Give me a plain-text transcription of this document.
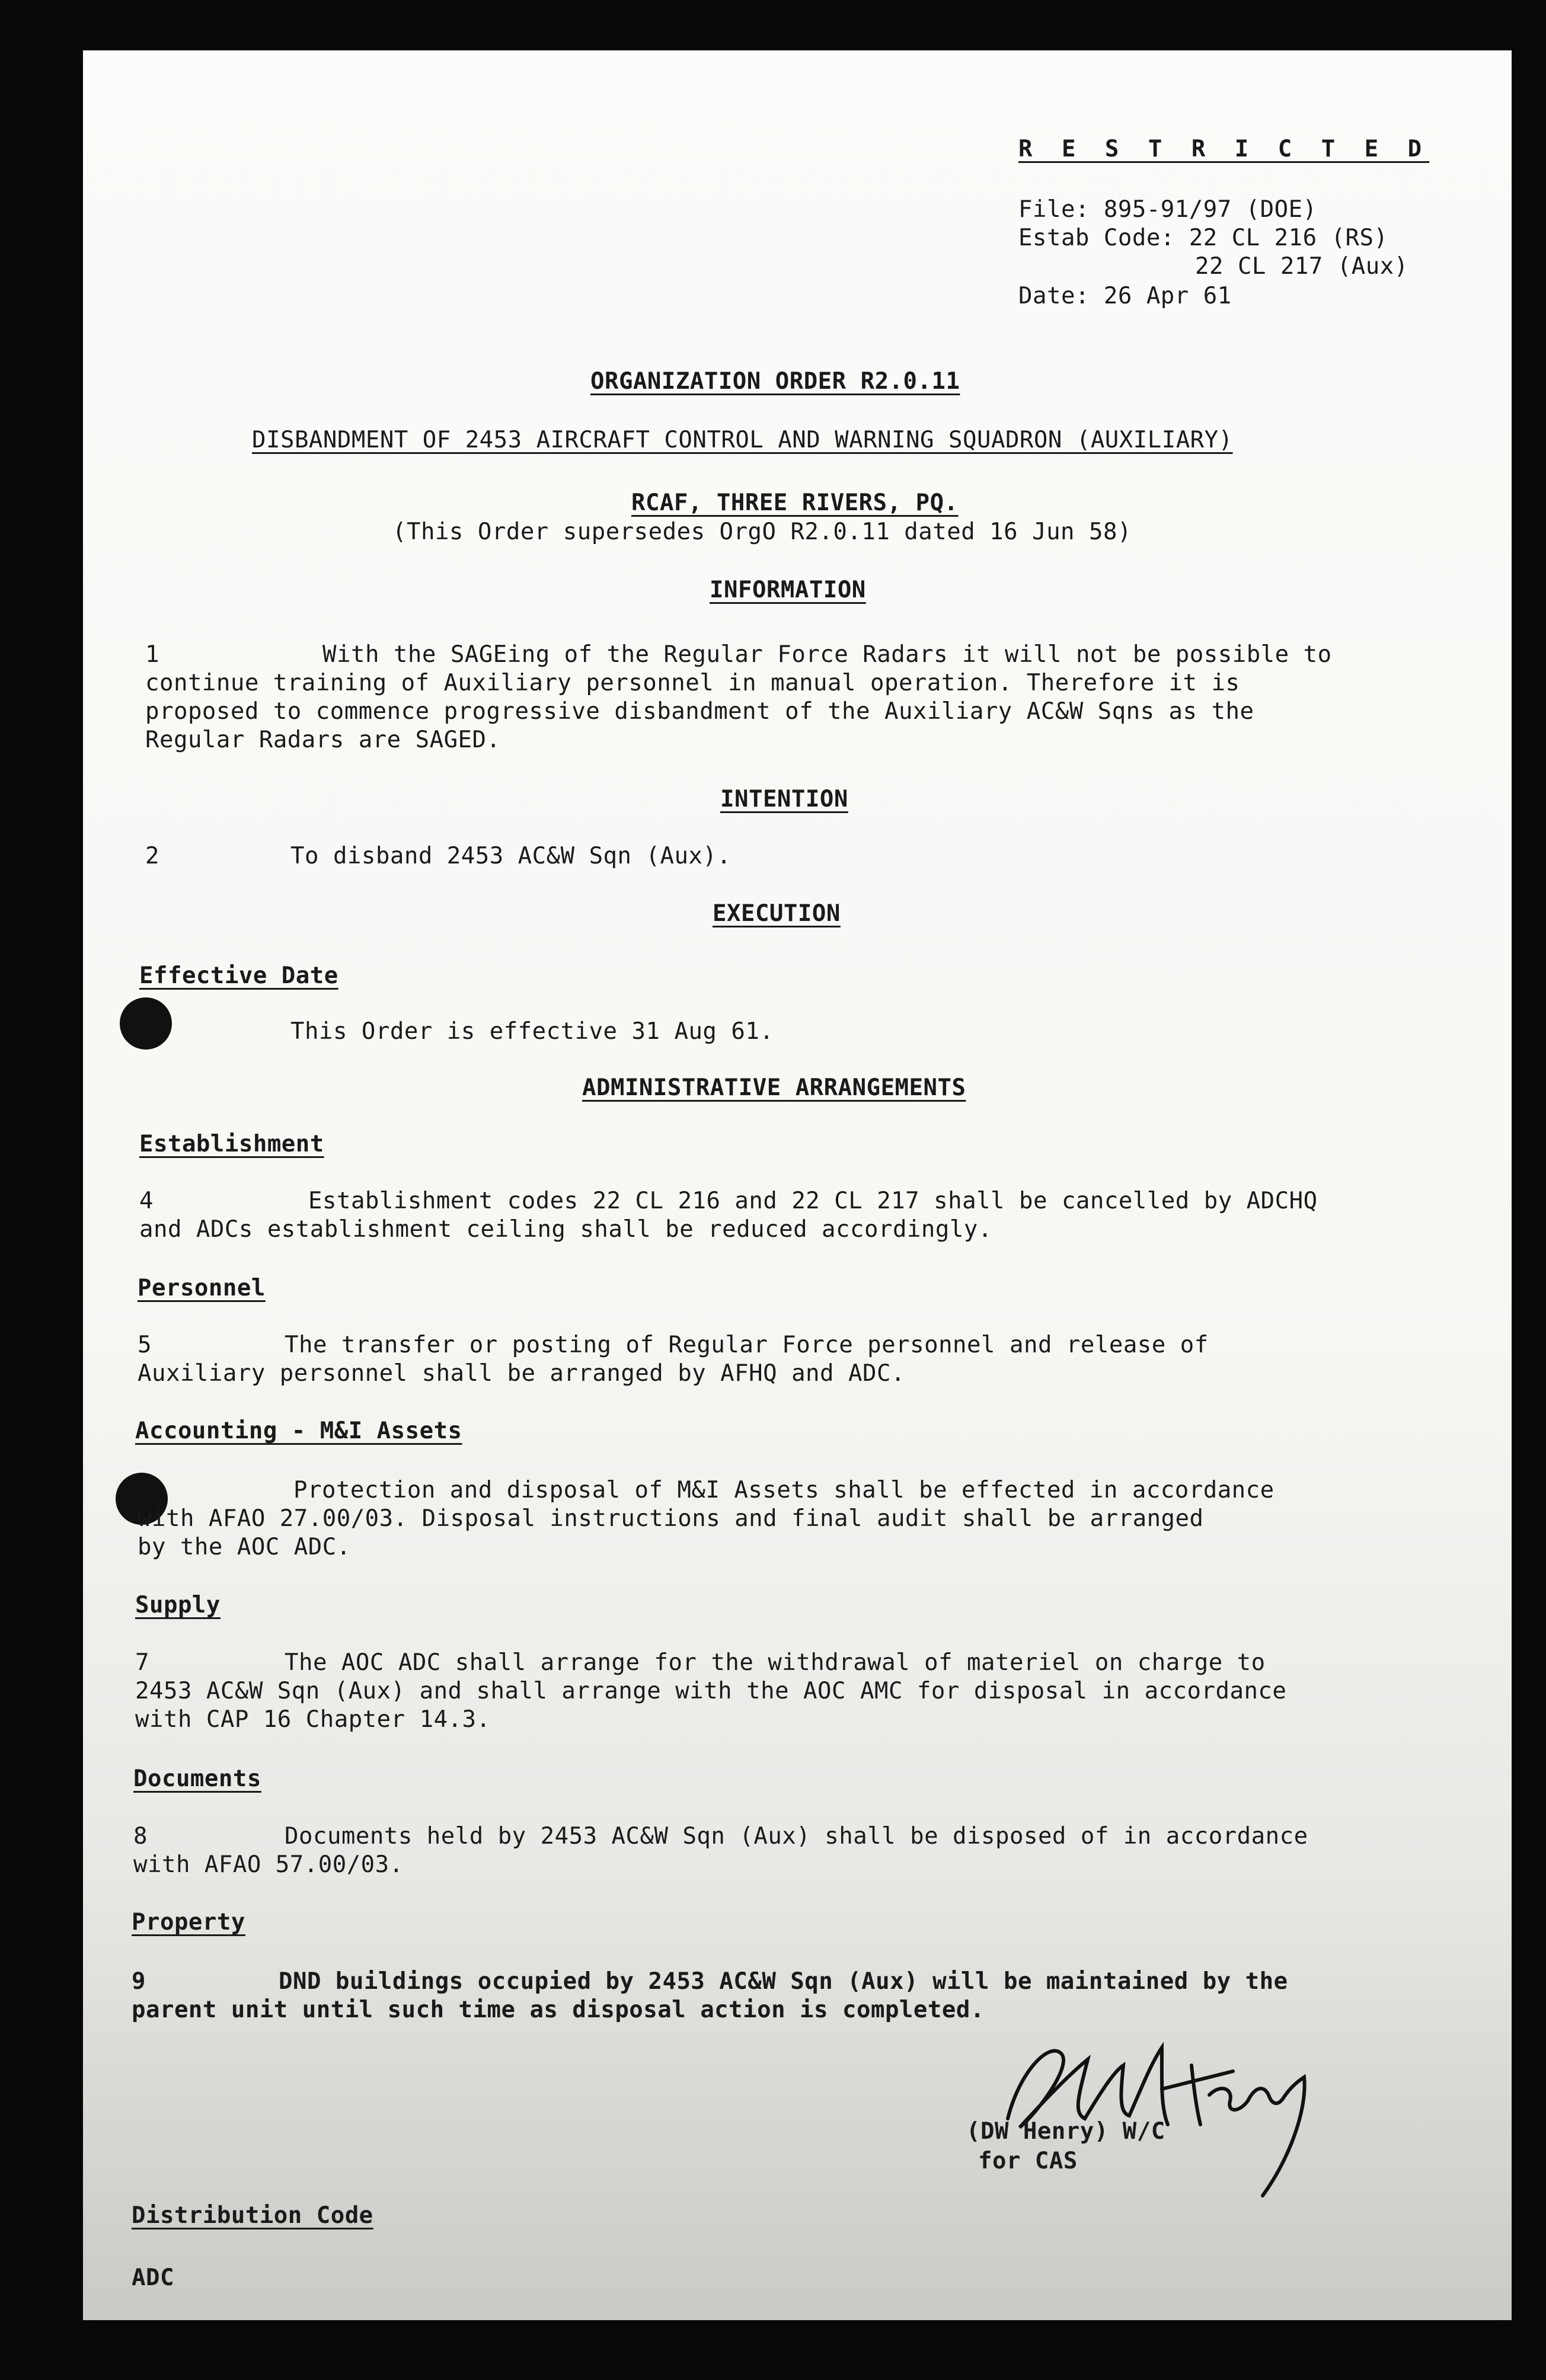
R E S T R I C T E D
File: 895-91/97 (DOE)
Estab Code: 22 CL 216 (RS)
22 CL 217 (Aux)
Date: 26 Apr 61
ORGANIZATION ORDER R2.0.11
DISBANDMENT OF 2453 AIRCRAFT CONTROL AND WARNING SQUADRON (AUXILIARY)
RCAF, THREE RIVERS, PQ.
(This Order supersedes OrgO R2.0.11 dated 16 Jun 58)
INFORMATION
1	With the SAGEing of the Regular Force Radars it will not be possible to
continue training of Auxiliary personnel in manual operation. Therefore it is
proposed to commence progressive disbandment of the Auxiliary AC&W Sqns as the
Regular Radars are SAGED.
INTENTION
2	To disband 2453 AC&W Sqn (Aux).
EXECUTION
Effective Date
This Order is effective 31 Aug 61.
ADMINISTRATIVE ARRANGEMENTS
Establishment
4	Establishment codes 22 CL 216 and 22 CL 217 shall be cancelled by ADCHQ
and ADCs establishment ceiling shall be reduced accordingly.
Personnel
5	The transfer or posting of Regular Force personnel and release of
Auxiliary personnel shall be arranged by AFHQ and ADC.
Accounting - M&I Assets
Protection and disposal of M&I Assets shall be effected in accordance
with AFAO 27.00/03. Disposal instructions and final audit shall be arranged
by the AOC ADC.
Supply
7	The AOC ADC shall arrange for the withdrawal of materiel on charge to
2453 AC&W Sqn (Aux) and shall arrange with the AOC AMC for disposal in accordance
with CAP 16 Chapter 14.3.
Documents
8	Documents held by 2453 AC&W Sqn (Aux) shall be disposed of in accordance
with AFAO 57.00/03.
Property
9	DND buildings occupied by 2453 AC&W Sqn (Aux) will be maintained by the
parent unit until such time as disposal action is completed.
(DW Henry) W/C
for CAS
Distribution Code
ADC
